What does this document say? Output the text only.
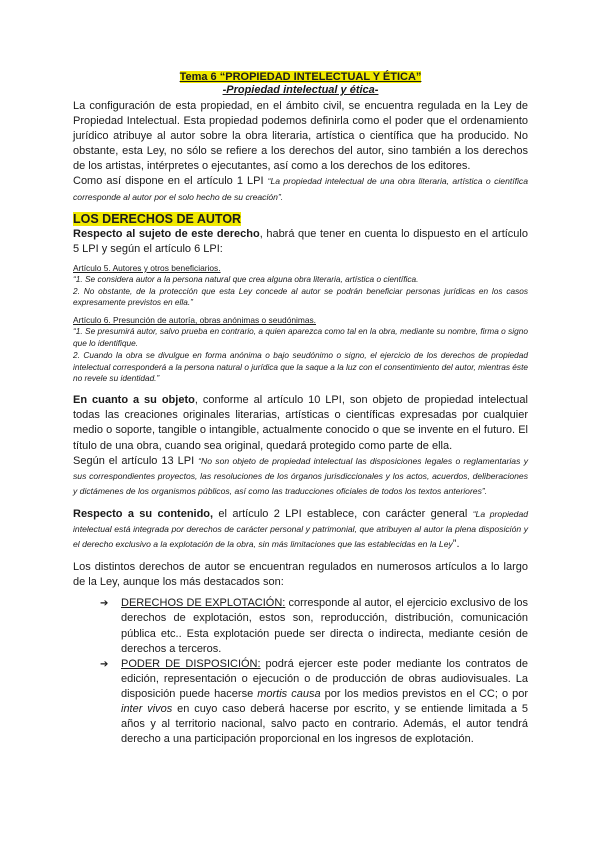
Tema 6 “PROPIEDAD INTELECTUAL Y ÉTICA”
-Propiedad intelectual y ética-

La configuración de esta propiedad, en el ámbito civil, se encuentra regulada en la Ley de Propiedad Intelectual. Esta propiedad podemos definirla como el poder que el ordenamiento jurídico atribuye al autor sobre la obra literaria, artística o científica que ha producido. No obstante, esta Ley, no sólo se refiere a los derechos del autor, sino también a los derechos de los artistas, intérpretes o ejecutantes, así como a los derechos de los editores.

Como así dispone en el artículo 1 LPI “La propiedad intelectual de una obra literaria, artística o científica corresponde al autor por el solo hecho de su creación”.

LOS DERECHOS DE AUTOR

Respecto al sujeto de este derecho, habrá que tener en cuenta lo dispuesto en el artículo 5 LPI y según el artículo 6 LPI:

Artículo 5. Autores y otros beneficiarios.

“1. Se considera autor a la persona natural que crea alguna obra literaria, artística o científica.

2. No obstante, de la protección que esta Ley concede al autor se podrán beneficiar personas jurídicas en los casos expresamente previstos en ella.”

Artículo 6. Presunción de autoría, obras anónimas o seudónimas.

“1. Se presumirá autor, salvo prueba en contrario, a quien aparezca como tal en la obra, mediante su nombre, firma o signo que lo identifique.

2. Cuando la obra se divulgue en forma anónima o bajo seudónimo o signo, el ejercicio de los derechos de propiedad intelectual corresponderá a la persona natural o jurídica que la saque a la luz con el consentimiento del autor, mientras éste no revele su identidad.”

En cuanto a su objeto, conforme al artículo 10 LPI, son objeto de propiedad intelectual todas las creaciones originales literarias, artísticas o científicas expresadas por cualquier medio o soporte, tangible o intangible, actualmente conocido o que se invente en el futuro. El título de una obra, cuando sea original, quedará protegido como parte de ella.

Según el artículo 13 LPI “No son objeto de propiedad intelectual las disposiciones legales o reglamentarias y sus correspondientes proyectos, las resoluciones de los órganos jurisdiccionales y los actos, acuerdos, deliberaciones y dictámenes de los organismos públicos, así como las traducciones oficiales de todos los textos anteriores”.

Respecto a su contenido, el artículo 2 LPI establece, con carácter general “La propiedad intelectual está integrada por derechos de carácter personal y patrimonial, que atribuyen al autor la plena disposición y el derecho exclusivo a la explotación de la obra, sin más limitaciones que las establecidas en la Ley”.

Los distintos derechos de autor se encuentran regulados en numerosos artículos a lo largo de la Ley, aunque los más destacados son:

➔ DERECHOS DE EXPLOTACIÓN: corresponde al autor, el ejercicio exclusivo de los derechos de explotación, estos son, reproducción, distribución, comunicación pública etc.. Esta explotación puede ser directa o indirecta, mediante cesión de derechos a terceros.
➔ PODER DE DISPOSICIÓN: podrá ejercer este poder mediante los contratos de edición, representación o ejecución o de producción de obras audiovisuales. La disposición puede hacerse mortis causa por los medios previstos en el CC; o por inter vivos en cuyo caso deberá hacerse por escrito, y se entiende limitada a 5 años y al territorio nacional, salvo pacto en contrario. Además, el autor tendrá derecho a una participación proporcional en los ingresos de explotación.
